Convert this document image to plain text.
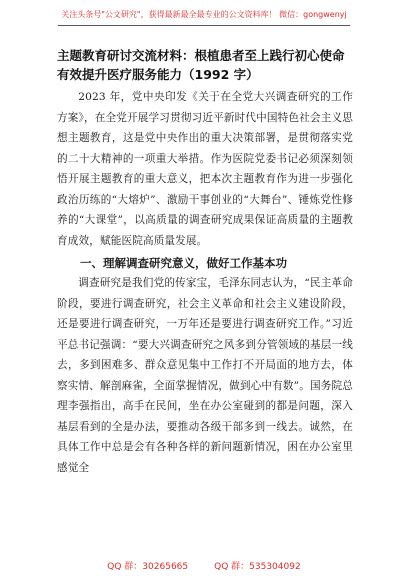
关注头条号"公文研究"，获得最新最全最专业的公文资料库！ 微信：gongwenyj

主题教育研讨交流材料：根植患者至上践行初心使命有效提升医疗服务能力（1992 字）

2023 年，党中央印发《关于在全党大兴调查研究的工作方案》，在全党开展学习贯彻习近平新时代中国特色社会主义思想主题教育，这是党中央作出的重大决策部署，是贯彻落实党的二十大精神的一项重大举措。作为医院党委书记必须深刻领悟开展主题教育的重大意义，把本次主题教育作为进一步强化政治历练的“大熔炉”、激励干事创业的“大舞台”、锤炼党性修养的“大课堂”，以高质量的调查研究成果保证高质量的主题教育成效，赋能医院高质量发展。

一、理解调查研究意义，做好工作基本功

调查研究是我们党的传家宝，毛泽东同志认为，“民主革命阶段，要进行调查研究，社会主义革命和社会主义建设阶段，还是要进行调查研究，一万年还是要进行调查研究工作。”习近平总书记强调：“要大兴调查研究之风多到分管领域的基层一线去，多到困难多、群众意见集中工作打不开局面的地方去，体察实情、解剖麻雀，全面掌握情况，做到心中有数”。国务院总理李强指出，高手在民间，坐在办公室碰到的都是问题，深入基层看到的全是办法，要推动各级干部多到一线去。诚然，在具体工作中总是会有各种各样的新问题新情况，困在办公室里感觉全

QQ 群：30265665	QQ 群：535304092
